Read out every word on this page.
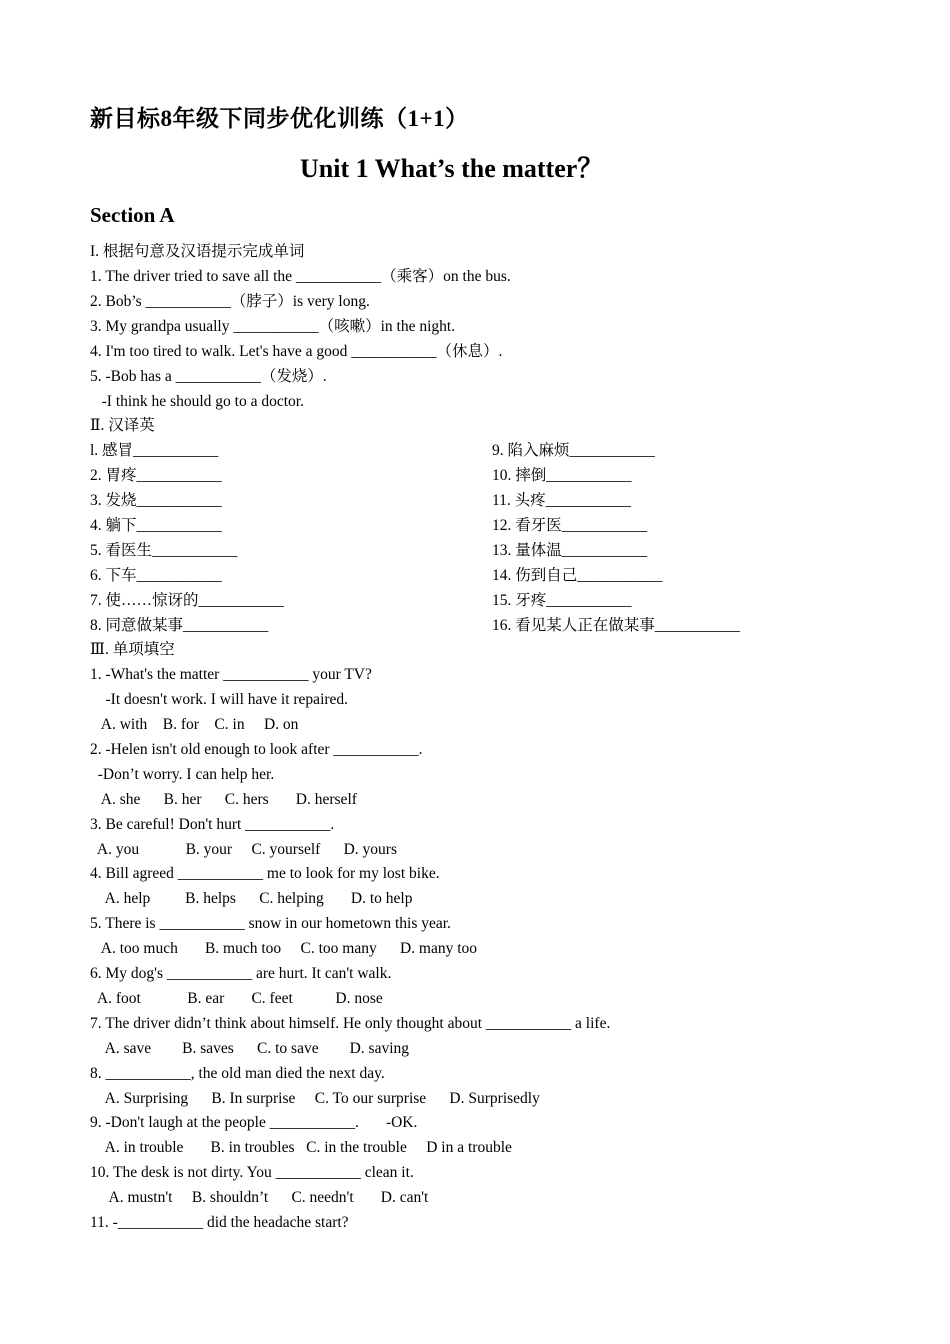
新目标8年级下同步优化训练（1+1）
Unit 1 What’s the matter？
Section A
I. 根据句意及汉语提示完成单词
1. The driver tried to save all the ___________（乘客）on the bus.
2. Bob’s ___________（脖子）is very long.
3. My grandpa usually ___________（咳嗽）in the night.
4. I'm too tired to walk. Let's have a good ___________（休息）.
5. -Bob has a ___________（发烧）.
-I think he should go to a doctor.
Ⅱ. 汉译英
l. 感冒___________
2. 胃疼___________
3. 发烧___________
4. 躺下___________
5. 看医生___________
6. 下车___________
7. 使……惊讶的___________
8. 同意做某事___________
9. 陷入麻烦___________
10. 摔倒___________
11. 头疼___________
12. 看牙医___________
13. 量体温___________
14. 伤到自己___________
15. 牙疼___________
16. 看见某人正在做某事___________
Ⅲ. 单项填空
1. -What's the matter ___________ your TV?
-It doesn't work. I will have it repaired.
A. with    B. for    C. in     D. on
2. -Helen isn't old enough to look after ___________.
-Don’t worry. I can help her.
A. she      B. her      C. hers       D. herself
3. Be careful! Don't hurt ___________.
A. you            B. your     C. yourself      D. yours
4. Bill agreed ___________ me to look for my lost bike.
A. help         B. helps      C. helping       D. to help
5. There is ___________ snow in our hometown this year.
A. too much       B. much too     C. too many      D. many too
6. My dog's ___________ are hurt. It can't walk.
A. foot            B. ear       C. feet           D. nose
7. The driver didn’t think about himself. He only thought about ___________ a life.
A. save        B. saves      C. to save        D. saving
8. ___________, the old man died the next day.
A. Surprising      B. In surprise     C. To our surprise      D. Surprisedly
9. -Don't laugh at the people ___________.       -OK.
A. in trouble       B. in troubles   C. in the trouble     D in a trouble
10. The desk is not dirty. You ___________ clean it.
A. mustn't     B. shouldn’t      C. needn't       D. can't
11. -___________ did the headache start?
